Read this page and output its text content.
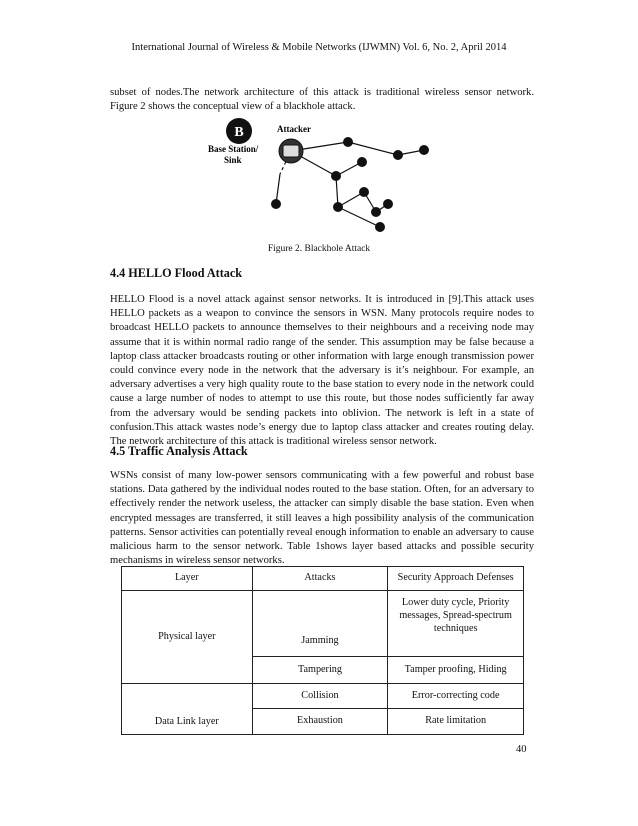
International Journal of Wireless & Mobile Networks (IJWMN) Vol. 6, No. 2, April 2014

subset of nodes.The network architecture of this attack is traditional wireless sensor network. Figure 2 shows the conceptual view of a blackhole attack.

B
Base Station/
Sink
Attacker
Figure 2. Blackhole Attack
4.4 HELLO Flood Attack

HELLO Flood is a novel attack against sensor networks. It is introduced in [9].This attack uses HELLO packets as a weapon to convince the sensors in WSN. Many protocols require nodes to broadcast HELLO packets to announce themselves to their neighbours and a receiving node may assume that it is within normal radio range of the sender. This assumption may be false because a laptop class attacker broadcasts routing or other information with large enough transmission power could convince every node in the network that the adversary is it’s neighbour. For example, an adversary advertises a very high quality route to the base station to every node in the network could cause a large number of nodes to attempt to use this route, but those nodes sufficiently far away from the adversary would be sending packets into oblivion. The network is left in a state of confusion.This attack wastes node’s energy due to laptop class attacker and creates routing delay. The network architecture of this attack is traditional wireless sensor network.

4.5 Traffic Analysis Attack

WSNs consist of many low-power sensors communicating with a few powerful and robust base stations. Data gathered by the individual nodes routed to the base station. Often, for an adversary to effectively render the network useless, the attacker can simply disable the base station. Even when encrypted messages are transferred, it still leaves a high possibility analysis of the communication patterns. Sensor activities can potentially reveal enough information to enable an adversary to cause malicious harm to the sensor network. Table 1shows layer based attacks and possible security mechanisms in wireless sensor networks.

Layer	Attacks	Security Approach Defenses
Physical layer	Jamming	Lower duty cycle, Priority messages, Spread-spectrum techniques
	Tampering	Tamper proofing, Hiding
Data Link layer	Collision	Error-correcting code
	Exhaustion	Rate limitation
40
